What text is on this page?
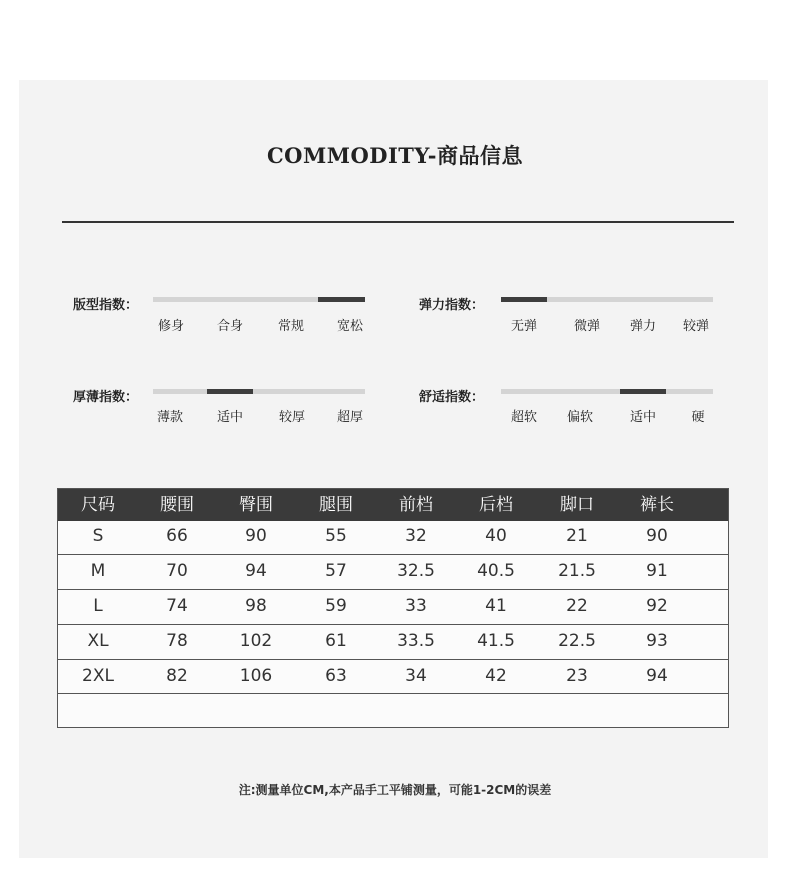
COMMODITY-商品信息
版型指数：
修身	合身	常规	宽松
弹力指数：
无弹	微弹	弹力	较弹
厚薄指数：
薄款	适中	较厚	超厚
舒适指数：
超软	偏软	适中	硬
尺码	腰围	臀围	腿围	前档	后档	脚口	裤长
S	66	90	55	32	40	21	90
M	70	94	57	32.5	40.5	21.5	91
L	74	98	59	33	41	22	92
XL	78	102	61	33.5	41.5	22.5	93
2XL	82	106	63	34	42	23	94
注:测量单位CM,本产品手工平铺测量，可能1-2CM的误差
